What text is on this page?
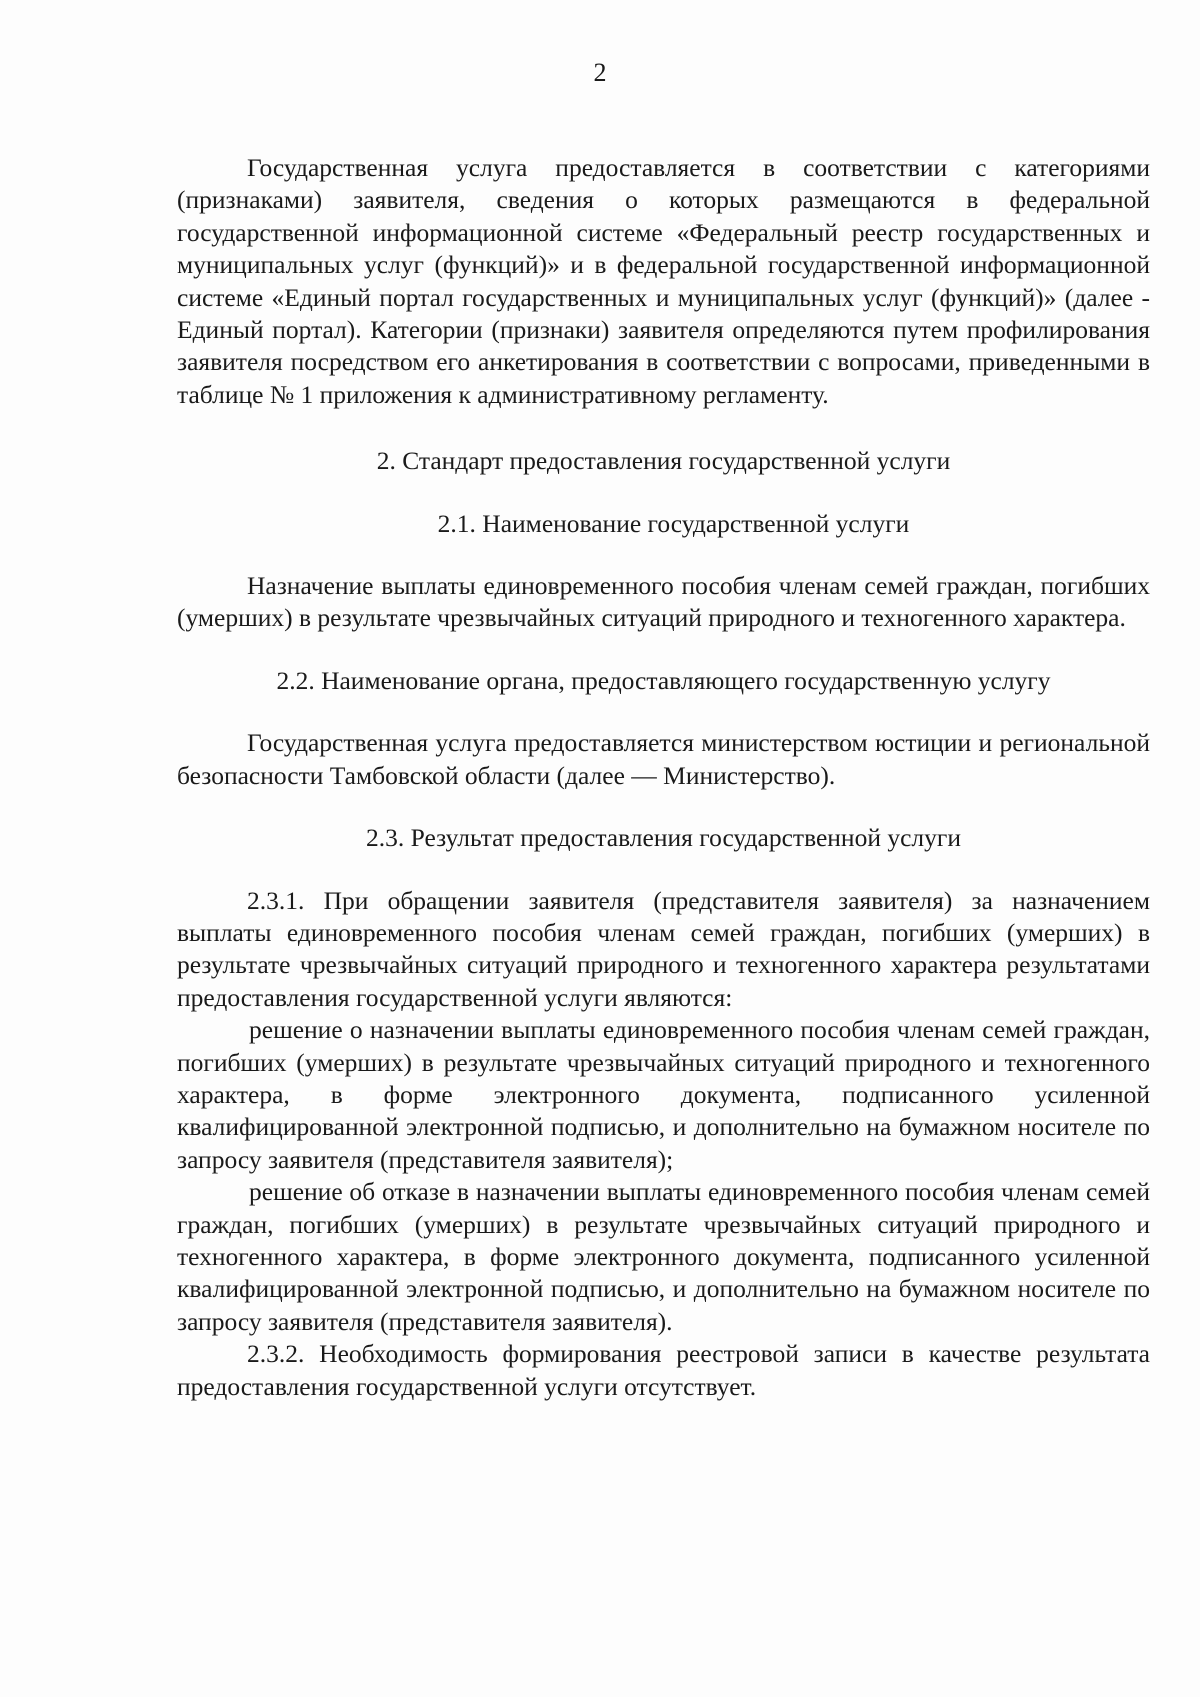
2

Государственная услуга предоставляется в соответствии с категориями (признаками) заявителя, сведения о которых размещаются в федеральной государственной информационной системе «Федеральный реестр государственных и муниципальных услуг (функций)» и в федеральной государственной информационной системе «Единый портал государственных и муниципальных услуг (функций)» (далее - Единый портал). Категории (признаки) заявителя определяются путем профилирования заявителя посредством его анкетирования в соответствии с вопросами, приведенными в таблице № 1 приложения к административному регламенту.

2. Стандарт предоставления государственной услуги

2.1. Наименование государственной услуги

Назначение выплаты единовременного пособия членам семей граждан, погибших (умерших) в результате чрезвычайных ситуаций природного и техногенного характера.

2.2. Наименование органа, предоставляющего государственную услугу

Государственная услуга предоставляется министерством юстиции и региональной безопасности Тамбовской области (далее — Министерство).

2.3. Результат предоставления государственной услуги

2.3.1. При обращении заявителя (представителя заявителя) за назначением выплаты единовременного пособия членам семей граждан, погибших (умерших) в результате чрезвычайных ситуаций природного и техногенного характера результатами предоставления государственной услуги являются:

решение о назначении выплаты единовременного пособия членам семей граждан, погибших (умерших) в результате чрезвычайных ситуаций природного и техногенного характера, в форме электронного документа, подписанного усиленной квалифицированной электронной подписью, и дополнительно на бумажном носителе по запросу заявителя (представителя заявителя);

решение об отказе в назначении выплаты единовременного пособия членам семей граждан, погибших (умерших) в результате чрезвычайных ситуаций природного и техногенного характера, в форме электронного документа, подписанного усиленной квалифицированной электронной подписью, и дополнительно на бумажном носителе по запросу заявителя (представителя заявителя).

2.3.2. Необходимость формирования реестровой записи в качестве результата предоставления государственной услуги отсутствует.
